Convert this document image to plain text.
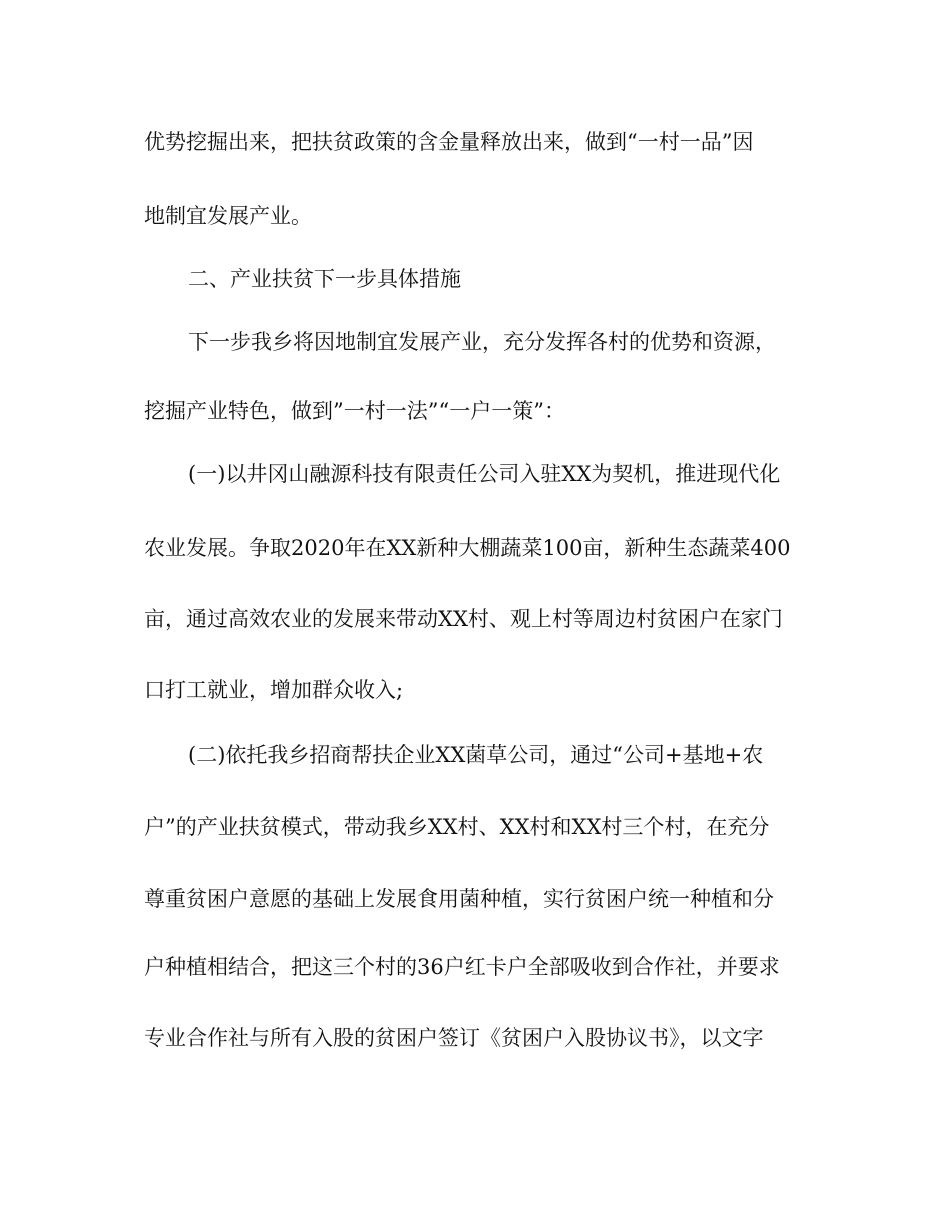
优势挖掘出来，把扶贫政策的含金量释放出来，做到“一村一品”因
地制宜发展产业。
二、产业扶贫下一步具体措施
下一步我乡将因地制宜发展产业，充分发挥各村的优势和资源，
挖掘产业特色，做到”一村一法”“一户一策”：
(一)以井冈山融源科技有限责任公司入驻XX为契机，推进现代化
农业发展。争取2020年在XX新种大棚蔬菜100亩，新种生态蔬菜400
亩，通过高效农业的发展来带动XX村、观上村等周边村贫困户在家门
口打工就业，增加群众收入;
(二)依托我乡招商帮扶企业XX菌草公司，通过“公司+基地+农
户”的产业扶贫模式，带动我乡XX村、XX村和XX村三个村，在充分
尊重贫困户意愿的基础上发展食用菌种植，实行贫困户统一种植和分
户种植相结合，把这三个村的36户红卡户全部吸收到合作社，并要求
专业合作社与所有入股的贫困户签订《贫困户入股协议书》，以文字
